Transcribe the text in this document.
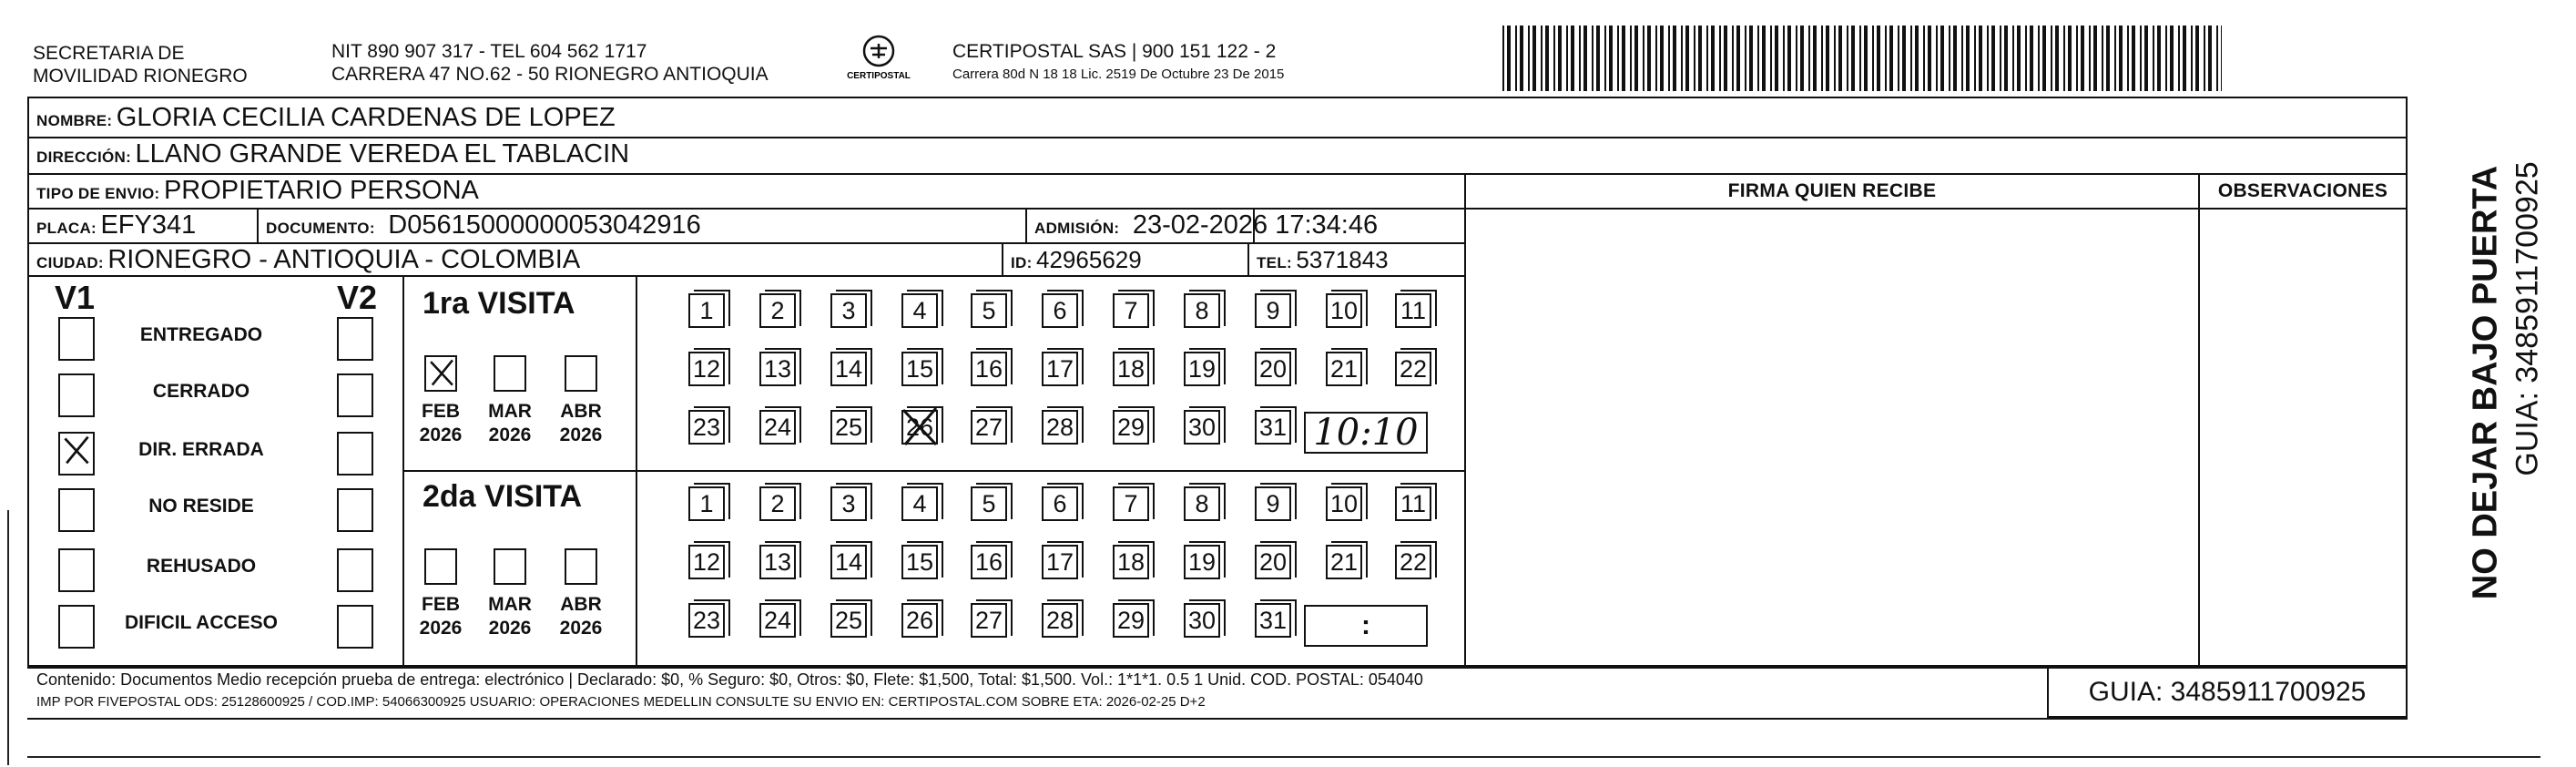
SECRETARIA DE
MOVILIDAD RIONEGRO
NIT 890 907 317 - TEL 604 562 1717
CARRERA 47 NO.62 - 50 RIONEGRO ANTIOQUIA	CERTIPOSTAL
CERTIPOSTAL SAS | 900 151 122 - 2
Carrera 80d N 18 18 Lic. 2519 De Octubre 23 De 2015
NOMBRE: GLORIA CECILIA CARDENAS DE LOPEZ
DIRECCIÓN: LLANO GRANDE VEREDA EL TABLACIN
TIPO DE ENVIO: PROPIETARIO PERSONA
PLACA: EFY341	DOCUMENTO: D05615000000053042916	ADMISIÓN: 23-02-2026 17:34:46
CIUDAD: RIONEGRO - ANTIOQUIA - COLOMBIA	ID: 42965629	TEL: 5371843
FIRMA QUIEN RECIBE	OBSERVACIONES
V1	V2
ENTREGADO
CERRADO
DIR. ERRADA
NO RESIDE
REHUSADO
DIFICIL ACCESO
1ra VISITA
2da VISITA
FEB
2026
MAR
2026
ABR
2026
FEB
2026
MAR
2026
ABR
2026
1	2	3	4	5	6	7	8	9	10 11
12 13 14 15 16 17 18 19 20 21 22
23 24 25 26 27 28 29 30 31
1	2	3	4	5	6	7	8	9	10 11
12 13 14 15 16 17 18 19 20 21 22
23 24 25 26 27 28 29 30 31
10:10
:
Contenido: Documentos Medio recepción prueba de entrega: electrónico | Declarado: $0, % Seguro: $0, Otros: $0, Flete: $1,500, Total: $1,500. Vol.: 1*1*1. 0.5 1 Unid. COD. POSTAL: 054040
IMP POR FIVEPOSTAL ODS: 25128600925 / COD.IMP: 54066300925 USUARIO: OPERACIONES MEDELLIN CONSULTE SU ENVIO EN: CERTIPOSTAL.COM SOBRE ETA: 2026-02-25 D+2	GUIA: 3485911700925
NO DEJAR BAJO PUERTA GUIA: 3485911700925
